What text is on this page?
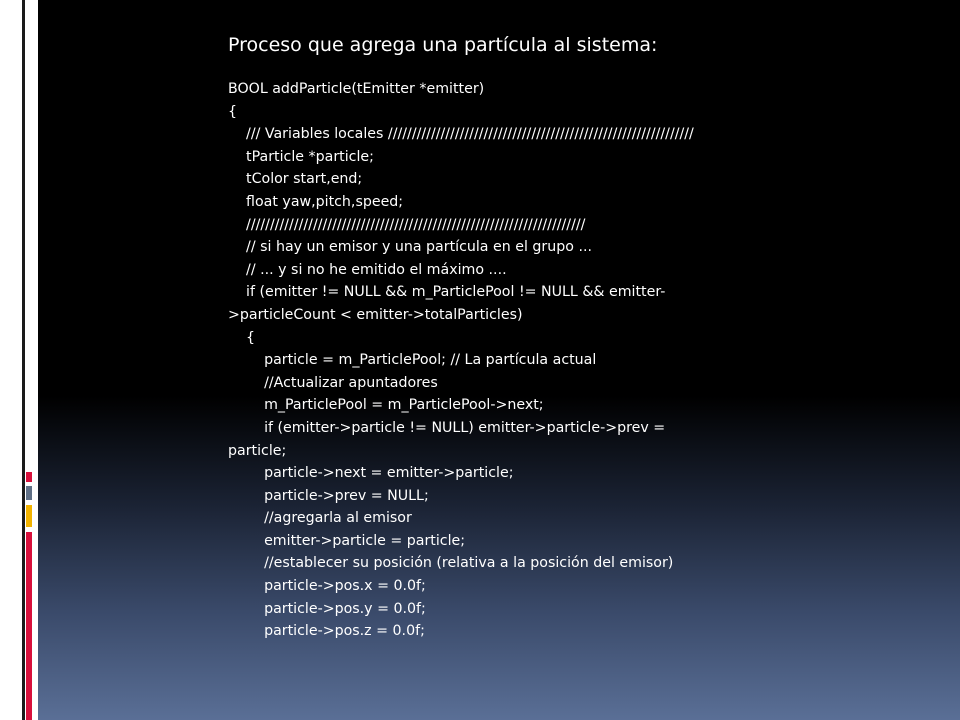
Proceso que agrega una partícula al sistema:
BOOL addParticle(tEmitter *emitter)
{
/// Variables locales ////////////////////////////////////////////////////////////////
tParticle *particle;
tColor start,end;
float yaw,pitch,speed;
///////////////////////////////////////////////////////////////////////
// si hay un emisor y una partícula en el grupo ...
// ... y si no he emitido el máximo ....
if (emitter != NULL && m_ParticlePool != NULL && emitter-
>particleCount < emitter->totalParticles)
{
particle = m_ParticlePool; // La partícula actual
//Actualizar apuntadores
m_ParticlePool = m_ParticlePool->next;
if (emitter->particle != NULL) emitter->particle->prev =
particle;
particle->next = emitter->particle;
particle->prev = NULL;
//agregarla al emisor
emitter->particle = particle;
//establecer su posición (relativa a la posición del emisor)
particle->pos.x = 0.0f;
particle->pos.y = 0.0f;
particle->pos.z = 0.0f;
